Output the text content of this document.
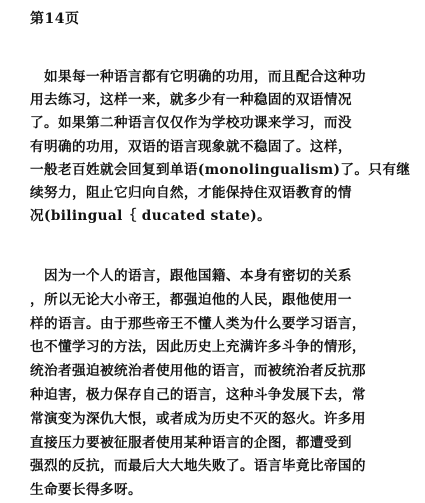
第14页
　如果每一种语言都有它明确的功用，而且配合这种功
用去练习，这样一来，就多少有一种稳固的双语情况
了。如果第二种语言仅仅作为学校功课来学习，而没
有明确的功用，双语的语言现象就不稳固了。这样，
一般老百姓就会回复到单语(monolingualism)了。只有继
续努力，阻止它归向自然，才能保持住双语教育的情
况(bilingual｛ ducated state)。
　因为一个人的语言，跟他国籍、本身有密切的关系
，所以无论大小帝王，都强迫他的人民，跟他使用一
样的语言。由于那些帝王不懂人类为什么要学习语言，
也不懂学习的方法，因此历史上充满许多斗争的情形，
统治者强迫被统治者使用他的语言，而被统治者反抗那
种迫害，极力保存自己的语言，这种斗争发展下去，常
常演变为深仇大恨，或者成为历史不灭的怒火。许多用
直接压力要被征服者使用某种语言的企图，都遭受到
强烈的反抗，而最后大大地失败了。语言毕竟比帝国的
生命要长得多呀。
